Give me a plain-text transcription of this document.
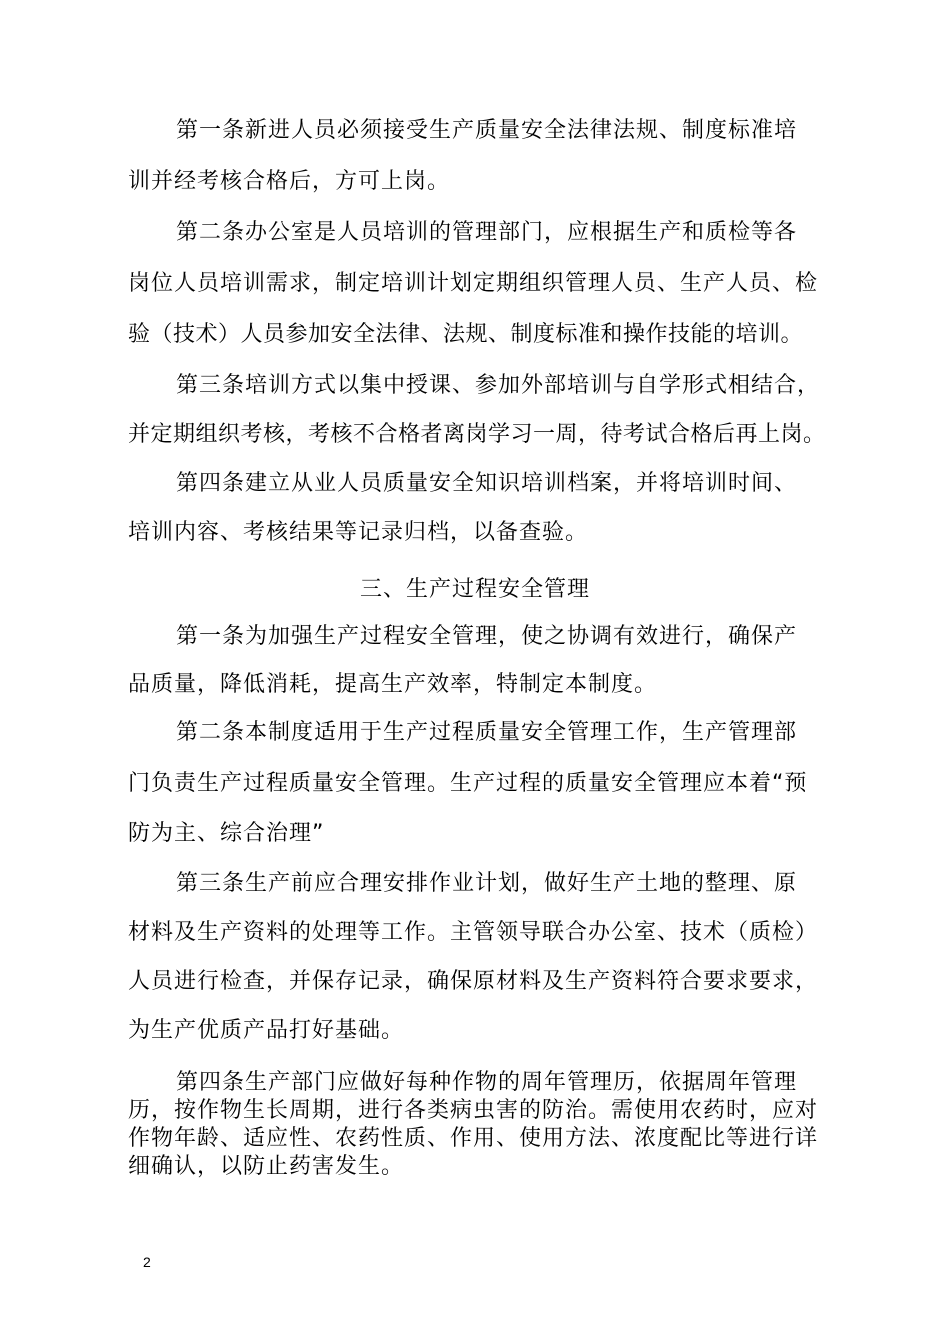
第一条新进人员必须接受生产质量安全法律法规、制度标准培
训并经考核合格后，方可上岗。
第二条办公室是人员培训的管理部门，应根据生产和质检等各
岗位人员培训需求，制定培训计划定期组织管理人员、生产人员、检
验（技术）人员参加安全法律、法规、制度标准和操作技能的培训。
第三条培训方式以集中授课、参加外部培训与自学形式相结合，
并定期组织考核，考核不合格者离岗学习一周，待考试合格后再上岗。
第四条建立从业人员质量安全知识培训档案，并将培训时间、
培训内容、考核结果等记录归档，以备查验。
三、生产过程安全管理
第一条为加强生产过程安全管理，使之协调有效进行，确保产
品质量，降低消耗，提高生产效率，特制定本制度。
第二条本制度适用于生产过程质量安全管理工作，生产管理部
门负责生产过程质量安全管理。生产过程的质量安全管理应本着“预
防为主、综合治理”
第三条生产前应合理安排作业计划，做好生产土地的整理、原
材料及生产资料的处理等工作。主管领导联合办公室、技术（质检）
人员进行检查，并保存记录，确保原材料及生产资料符合要求要求，
为生产优质产品打好基础。
第四条生产部门应做好每种作物的周年管理历，依据周年管理
历，按作物生长周期，进行各类病虫害的防治。需使用农药时，应对
作物年龄、适应性、农药性质、作用、使用方法、浓度配比等进行详
细确认，以防止药害发生。
2
